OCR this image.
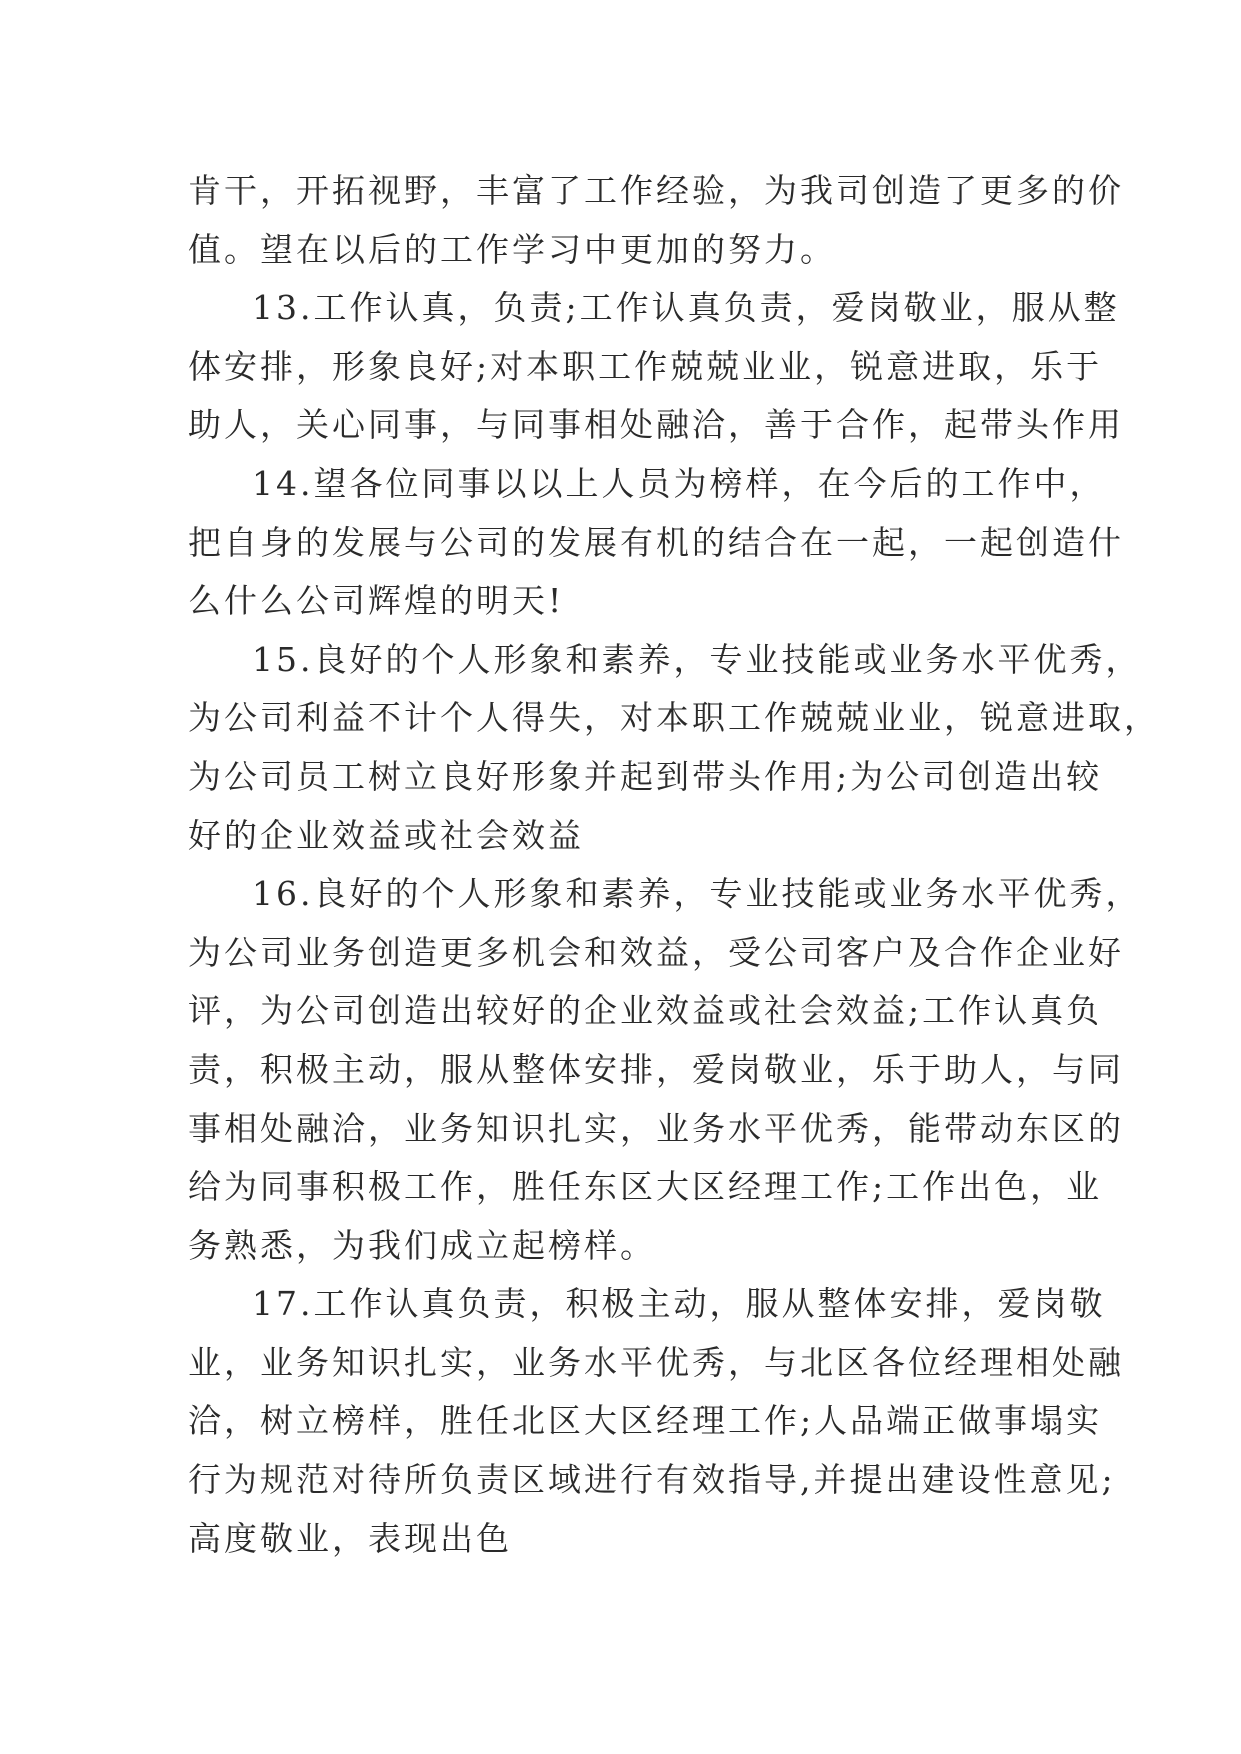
肯干，开拓视野，丰富了工作经验，为我司创造了更多的价
值。望在以后的工作学习中更加的努力。
13.工作认真，负责;工作认真负责，爱岗敬业，服从整
体安排，形象良好;对本职工作兢兢业业，锐意进取，乐于
助人，关心同事，与同事相处融洽，善于合作，起带头作用
14.望各位同事以以上人员为榜样，在今后的工作中，
把自身的发展与公司的发展有机的结合在一起，一起创造什
么什么公司辉煌的明天!
15.良好的个人形象和素养，专业技能或业务水平优秀，
为公司利益不计个人得失，对本职工作兢兢业业，锐意进取，
为公司员工树立良好形象并起到带头作用;为公司创造出较
好的企业效益或社会效益
16.良好的个人形象和素养，专业技能或业务水平优秀，
为公司业务创造更多机会和效益，受公司客户及合作企业好
评，为公司创造出较好的企业效益或社会效益;工作认真负
责，积极主动，服从整体安排，爱岗敬业，乐于助人，与同
事相处融洽，业务知识扎实，业务水平优秀，能带动东区的
给为同事积极工作，胜任东区大区经理工作;工作出色，业
务熟悉，为我们成立起榜样。
17.工作认真负责，积极主动，服从整体安排，爱岗敬
业，业务知识扎实，业务水平优秀，与北区各位经理相处融
洽，树立榜样，胜任北区大区经理工作;人品端正做事塌实
行为规范对待所负责区域进行有效指导,并提出建设性意见;
高度敬业，表现出色
